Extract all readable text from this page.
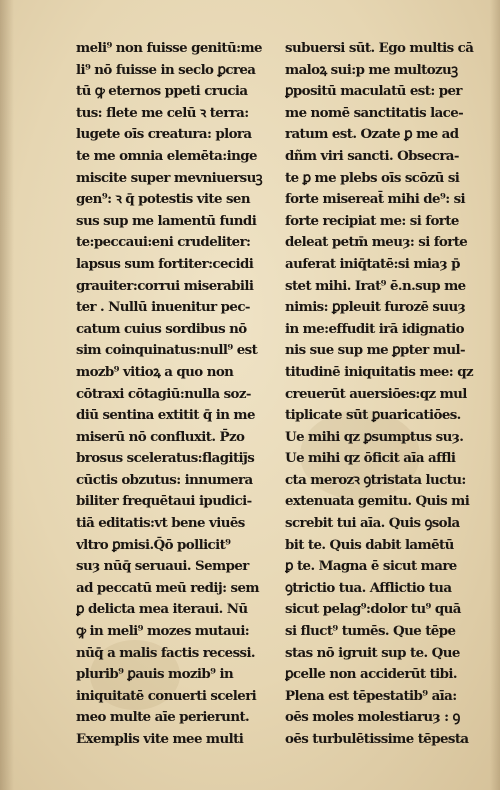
meli⁹ non fuisse genitū:me
li⁹ nō fuisse in seclo ꝑcrea
tū ꝙ eternos ppeti crucia
tus: flete me celū ꝛ terra:
lugete oīs creatura: plora
te me omnia elemēta:inge
miscite super mevniuersuꝫ
gen⁹: ꝛ q̄ potestis vite sen
sus sup me lamentū fundi
te:peccaui:eni crudeliter:
lapsus sum fortiter:cecidi
grauiter:corrui miserabili
ter . Nullū inuenitur pec-
catum cuius sordibus nō
sim coinquinatus:null⁹ est
mozb⁹ vitioꝝ a quo non
cōtraxi cōtagiū:nulla soz-
diū sentina extitit q̄ in me
miserū nō confluxit. P̄zo
brosus sceleratus:flagitiȷ̄s
cūctis obzutus: innumera
biliter frequētaui ipudici-
tiā editatis:vt bene viuēs
vltro ꝑmisi.Q̄ō pollicit⁹
suȝ nūq̄ seruaui. Semper
ad peccatū meū redij: sem
ꝑ delicta mea iteraui. Nū
ꝙ in meli⁹ mozes mutaui:
nūq̄ a malis factis recessi.
plurib⁹ ꝑauis mozib⁹ in
iniquitatē conuerti sceleri
meo multe aīe perierunt.
Exemplis vite mee multi
subuersi sūt. Ego multis cā
maloꝝ sui:p me multozuꝫ
ꝑpositū maculatū est: per
me nomē sanctitatis lace-
ratum est. Ozate ꝑ me ad
dñm viri sancti. Obsecra-
te ꝑ me plebs oīs scōzū si
forte misereat̄ mihi de⁹: si
forte recipiat me: si forte
deleat petm̄ meuȝ: si forte
auferat iniq̄tatē:si miaȝ p̄
stet mihi. Irat⁹ ē.n.sup me
nimis: ꝑpleuit furozē suuȝ
in me:effudit irā idignatio
nis sue sup me ꝑpter mul-
titudinē iniquitatis mee: qz
creuerūt auersiōes:qz mul
tiplicate sūt ꝑuaricatiōes.
Ue mihi qz ꝑsumptus suȝ.
Ue mihi qz ōficit aīa affli
cta merozꝛ ꝯtristata luctu:
extenuata gemitu. Quis mi
screbit tui aīa. Quis ꝯsola
bit te. Quis dabit lamētū
ꝑ te. Magna ē sicut mare
ꝯtrictio tua. Afflictio tua
sicut pelag⁹:dolor tu⁹ quā
si fluct⁹ tumēs. Que tēpe
stas nō igruit sup te. Que
ꝑcelle non acciderūt tibi.
Plena est tēpestatib⁹ aīa:
oēs moles molestiaruȝ : ꝯ
oēs turbulētissime tēpesta
